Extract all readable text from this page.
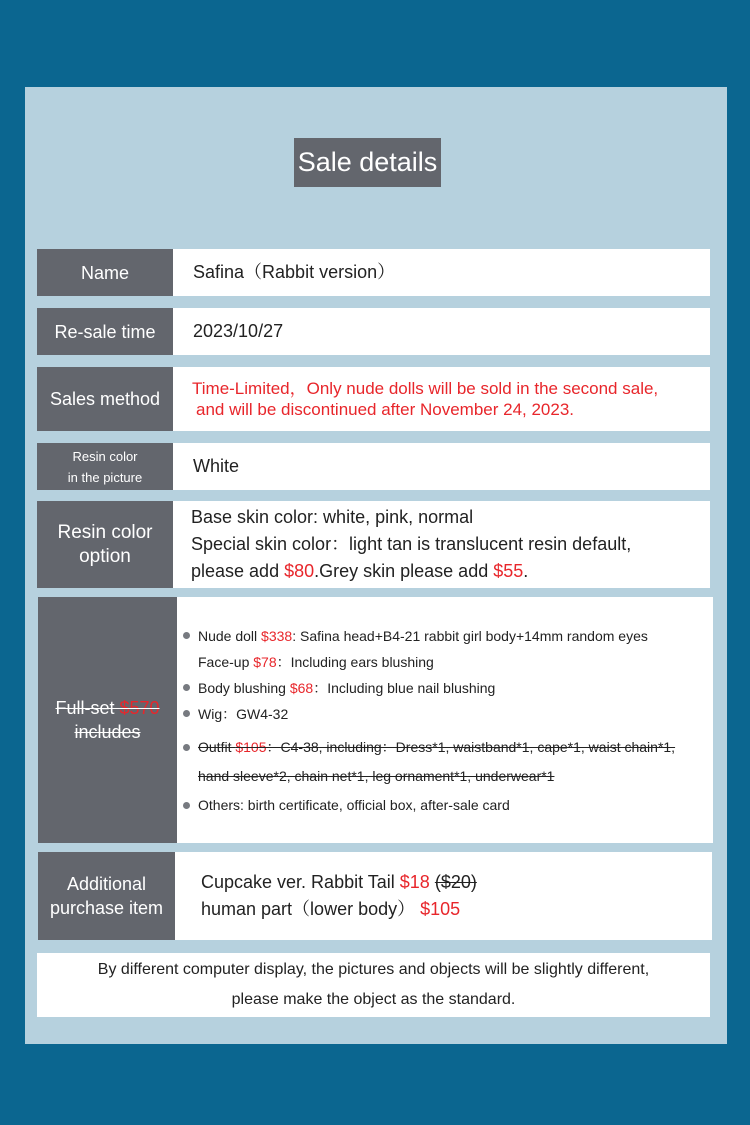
Sale details
Name	Safina（Rabbit version）
Re-sale time	2023/10/27
Sales method
Time-Limited，Only nude dolls will be sold in the second sale,
and will be discontinued after November 24, 2023.
Resin color
in the picture
White
Resin color
option
Base skin color: white, pink, normal
Special skin color：light tan is translucent resin default,
please add $80.Grey skin please add $55.
Full-set $570
includes
Nude doll $338: Safina head+B4-21 rabbit girl body+14mm random eyes
Face-up $78：Including ears blushing
Body blushing $68：Including blue nail blushing
Wig：GW4-32
Outfit $105：C4-38, including：Dress*1, waistband*1, cape*1, waist chain*1,
hand sleeve*2, chain net*1, leg ornament*1, underwear*1
Others: birth certificate, official box, after-sale card
Additional
purchase item
Cupcake ver. Rabbit Tail $18 ($20)
human part（lower body） $105
By different computer display, the pictures and objects will be slightly different,
please make the object as the standard.
